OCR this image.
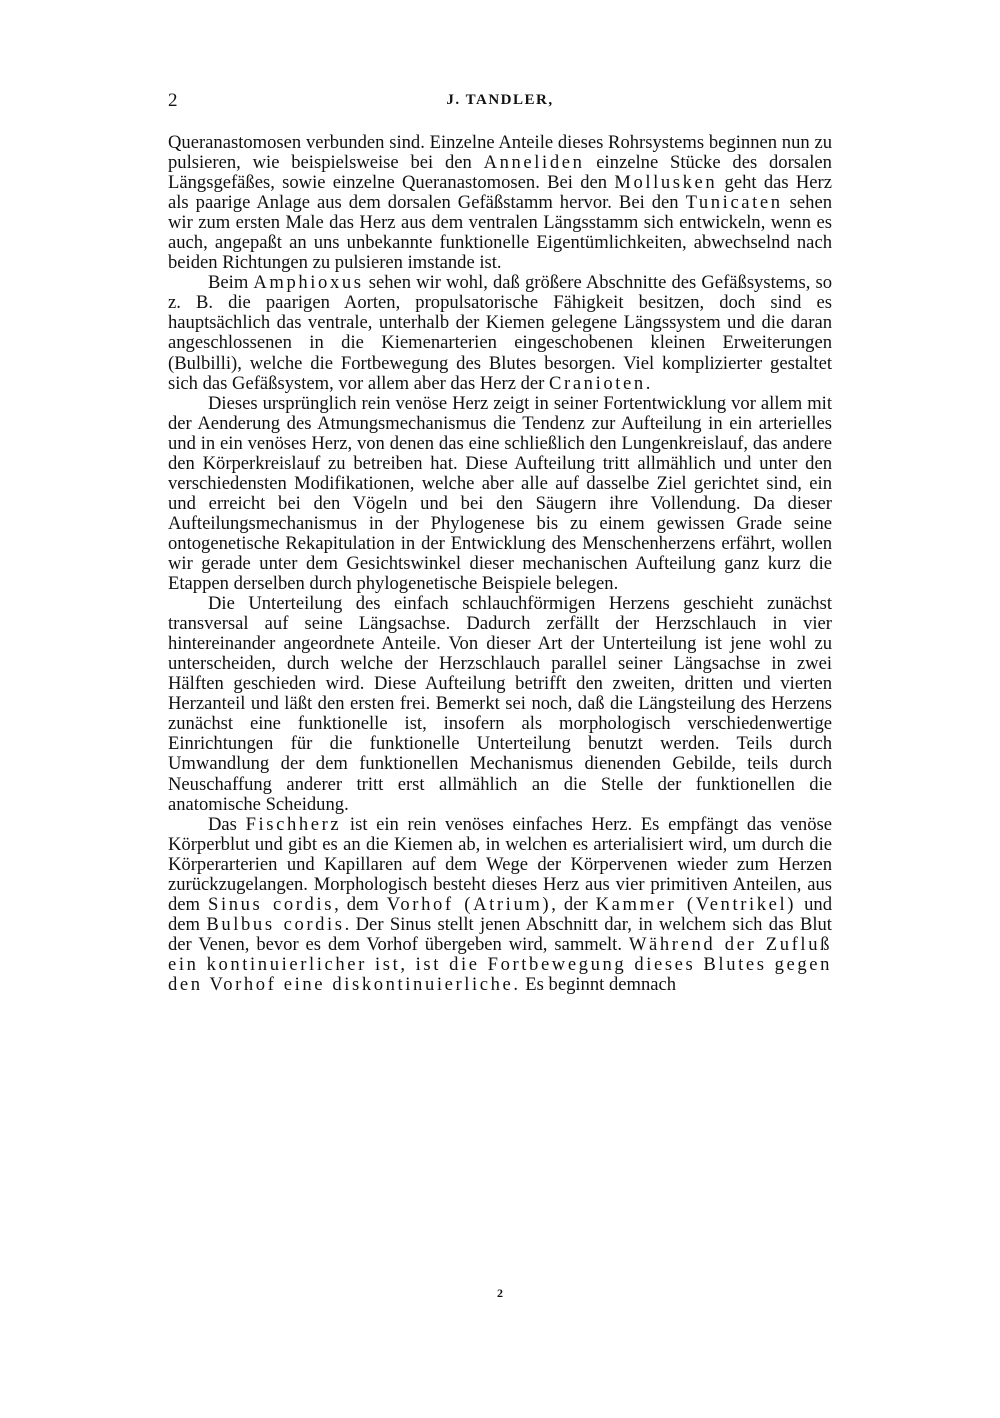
2	J. TANDLER,

Queranastomosen verbunden sind. Einzelne Anteile dieses Rohrsystems beginnen nun zu pulsieren, wie beispielsweise bei den Anneliden einzelne Stücke des dorsalen Längsgefäßes, sowie einzelne Queranastomosen. Bei den Mollusken geht das Herz als paarige Anlage aus dem dorsalen Gefäßstamm hervor. Bei den Tunicaten sehen wir zum ersten Male das Herz aus dem ventralen Längsstamm sich entwickeln, wenn es auch, angepaßt an uns unbekannte funktionelle Eigentümlichkeiten, abwechselnd nach beiden Richtungen zu pulsieren imstande ist.

Beim Amphioxus sehen wir wohl, daß größere Abschnitte des Gefäßsystems, so z. B. die paarigen Aorten, propulsatorische Fähigkeit besitzen, doch sind es hauptsächlich das ventrale, unterhalb der Kiemen gelegene Längssystem und die daran angeschlossenen in die Kiemenarterien eingeschobenen kleinen Erweiterungen (Bulbilli), welche die Fortbewegung des Blutes besorgen. Viel komplizierter gestaltet sich das Gefäßsystem, vor allem aber das Herz der Cranioten.

Dieses ursprünglich rein venöse Herz zeigt in seiner Fortentwicklung vor allem mit der Aenderung des Atmungsmechanismus die Tendenz zur Aufteilung in ein arterielles und in ein venöses Herz, von denen das eine schließlich den Lungenkreislauf, das andere den Körperkreislauf zu betreiben hat. Diese Aufteilung tritt allmählich und unter den verschiedensten Modifikationen, welche aber alle auf dasselbe Ziel gerichtet sind, ein und erreicht bei den Vögeln und bei den Säugern ihre Vollendung. Da dieser Aufteilungsmechanismus in der Phylogenese bis zu einem gewissen Grade seine ontogenetische Rekapitulation in der Entwicklung des Menschenherzens erfährt, wollen wir gerade unter dem Gesichtswinkel dieser mechanischen Aufteilung ganz kurz die Etappen derselben durch phylogenetische Beispiele belegen.

Die Unterteilung des einfach schlauchförmigen Herzens geschieht zunächst transversal auf seine Längsachse. Dadurch zerfällt der Herzschlauch in vier hintereinander angeordnete Anteile. Von dieser Art der Unterteilung ist jene wohl zu unterscheiden, durch welche der Herzschlauch parallel seiner Längsachse in zwei Hälften geschieden wird. Diese Aufteilung betrifft den zweiten, dritten und vierten Herzanteil und läßt den ersten frei. Bemerkt sei noch, daß die Längsteilung des Herzens zunächst eine funktionelle ist, insofern als morphologisch verschiedenwertige Einrichtungen für die funktionelle Unterteilung benutzt werden. Teils durch Umwandlung der dem funktionellen Mechanismus dienenden Gebilde, teils durch Neuschaffung anderer tritt erst allmählich an die Stelle der funktionellen die anatomische Scheidung.

Das Fischherz ist ein rein venöses einfaches Herz. Es empfängt das venöse Körperblut und gibt es an die Kiemen ab, in welchen es arterialisiert wird, um durch die Körperarterien und Kapillaren auf dem Wege der Körpervenen wieder zum Herzen zurückzugelangen. Morphologisch besteht dieses Herz aus vier primitiven Anteilen, aus dem Sinus cordis, dem Vorhof (Atrium), der Kammer (Ventrikel) und dem Bulbus cordis. Der Sinus stellt jenen Abschnitt dar, in welchem sich das Blut der Venen, bevor es dem Vorhof übergeben wird, sammelt. Während der Zufluß ein kontinuierlicher ist, ist die Fortbewegung dieses Blutes gegen den Vorhof eine diskontinuierliche. Es beginnt demnach

2
